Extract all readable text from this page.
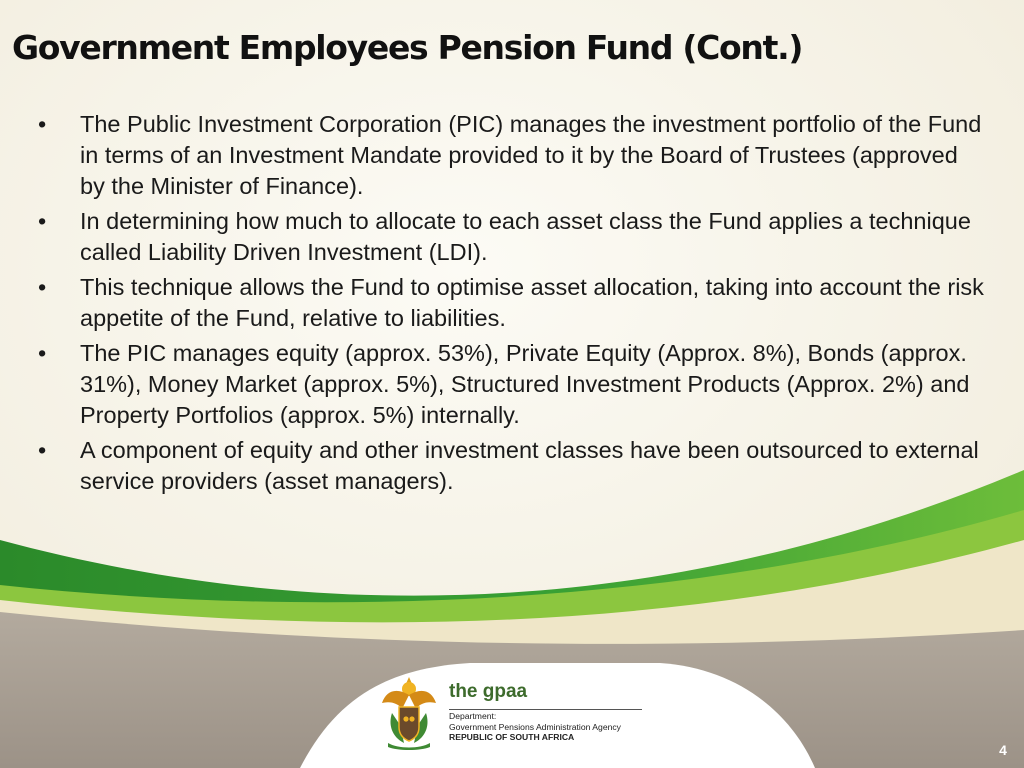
Government Employees Pension Fund (Cont.)
•	The Public Investment Corporation (PIC) manages the investment portfolio of the Fund in terms of an Investment Mandate provided to it by the Board of Trustees (approved by the Minister of Finance).
•	In determining how much to allocate to each asset class the Fund applies a technique called Liability Driven Investment (LDI).
•	This technique allows the Fund to optimise asset allocation, taking into account the risk appetite of the Fund, relative to liabilities.
•	The PIC manages equity (approx. 53%), Private Equity (Approx. 8%), Bonds (approx. 31%), Money Market (approx. 5%), Structured Investment Products (Approx. 2%) and Property Portfolios (approx. 5%) internally.
•	A component of equity and other investment classes have been outsourced to external service providers (asset managers).
the gpaa
Department:
Government Pensions Administration Agency
REPUBLIC OF SOUTH AFRICA
4
